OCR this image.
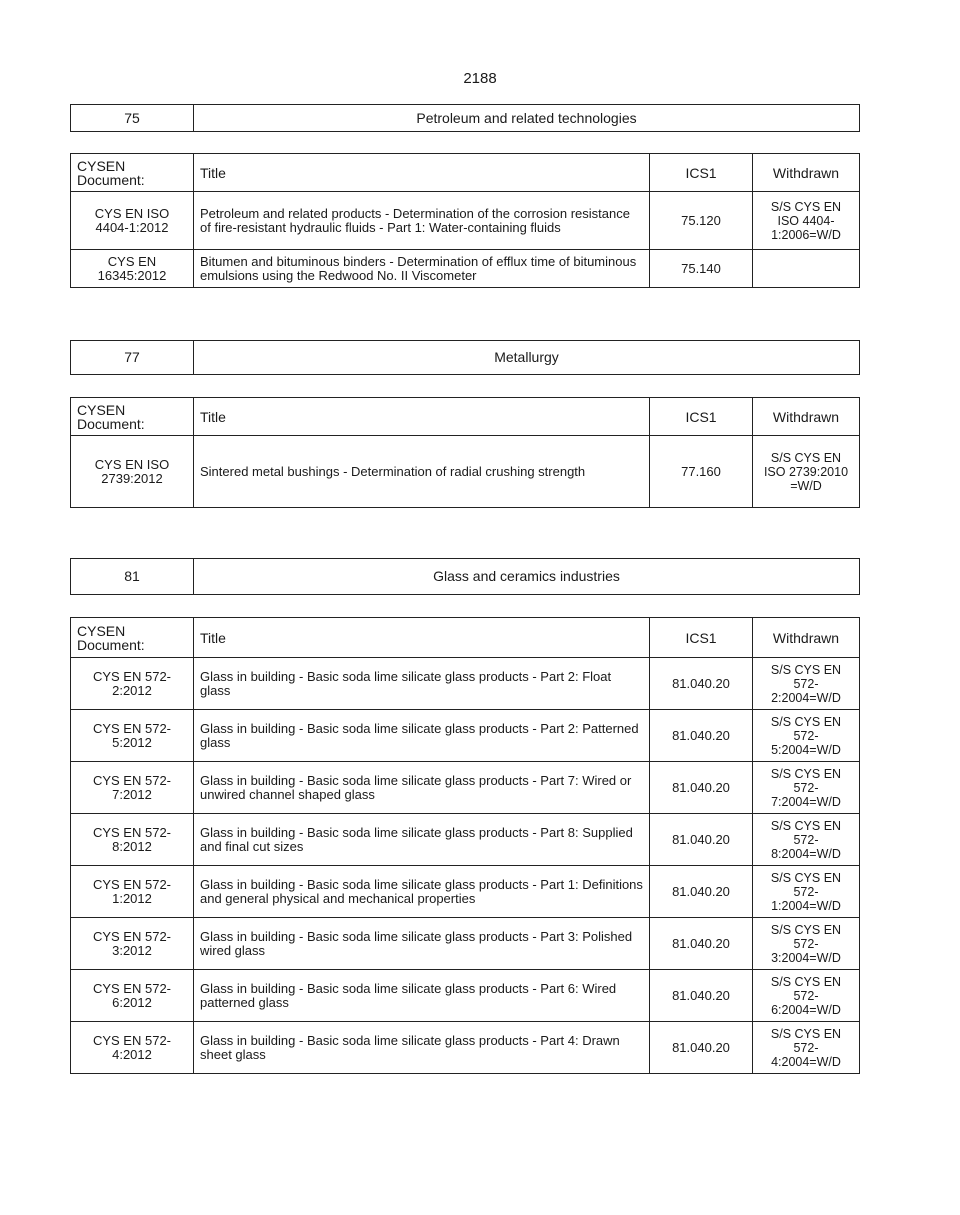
2188
75	Petroleum and related technologies
CYSEN Document:	Title	ICS1	Withdrawn
CYS EN ISO 4404-1:2012	Petroleum and related products - Determination of the corrosion resistance of fire-resistant hydraulic fluids - Part 1: Water-containing fluids	75.120	S/S CYS EN ISO 4404-1:2006=W/D
CYS EN 16345:2012	Bitumen and bituminous binders - Determination of efflux time of bituminous emulsions using the Redwood No. II Viscometer	75.140	
77	Metallurgy
CYSEN Document:	Title	ICS1	Withdrawn
CYS EN ISO 2739:2012	Sintered metal bushings - Determination of radial crushing strength	77.160	S/S CYS EN ISO 2739:2010 =W/D
81	Glass and ceramics industries
CYSEN Document:	Title	ICS1	Withdrawn
CYS EN 572-2:2012	Glass in building - Basic soda lime silicate glass products - Part 2: Float glass	81.040.20	S/S CYS EN 572-2:2004=W/D
CYS EN 572-5:2012	Glass in building - Basic soda lime silicate glass products - Part 2: Patterned glass	81.040.20	S/S CYS EN 572-5:2004=W/D
CYS EN 572-7:2012	Glass in building - Basic soda lime silicate glass products - Part 7: Wired or unwired channel shaped glass	81.040.20	S/S CYS EN 572-7:2004=W/D
CYS EN 572-8:2012	Glass in building - Basic soda lime silicate glass products - Part 8: Supplied and final cut sizes	81.040.20	S/S CYS EN 572-8:2004=W/D
CYS EN 572-1:2012	Glass in building - Basic soda lime silicate glass products - Part 1: Definitions and general physical and mechanical properties	81.040.20	S/S CYS EN 572-1:2004=W/D
CYS EN 572-3:2012	Glass in building - Basic soda lime silicate glass products - Part 3: Polished wired glass	81.040.20	S/S CYS EN 572-3:2004=W/D
CYS EN 572-6:2012	Glass in building - Basic soda lime silicate glass products - Part 6: Wired patterned glass	81.040.20	S/S CYS EN 572-6:2004=W/D
CYS EN 572-4:2012	Glass in building - Basic soda lime silicate glass products - Part 4: Drawn sheet glass	81.040.20	S/S CYS EN 572-4:2004=W/D
